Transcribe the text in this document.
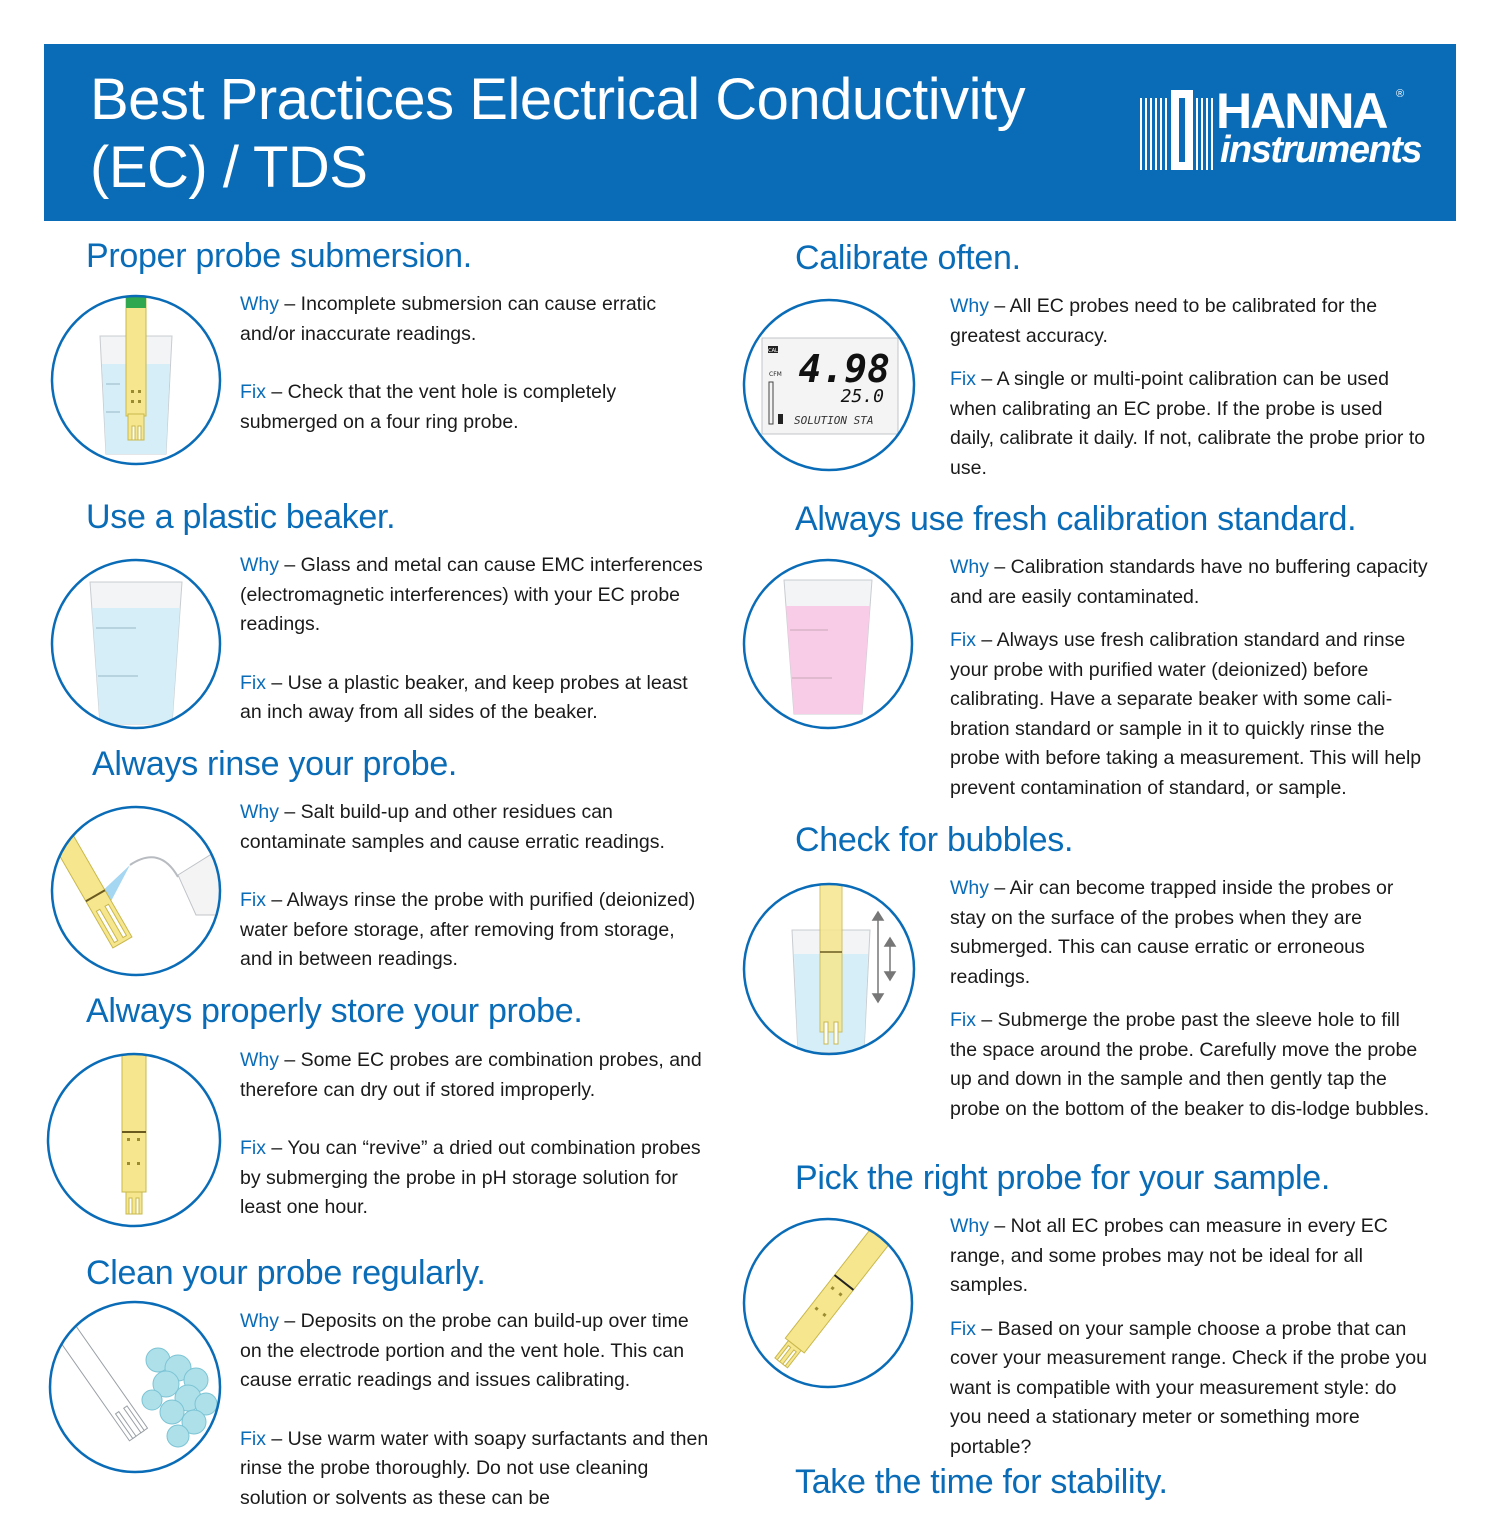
Best Practices Electrical Conductivity
(EC) / TDS
HANNA ®
instruments
Proper probe submersion.

Why – Incomplete submersion can cause erratic and/or inaccurate readings.

Fix – Check that the vent hole is completely submerged on a four ring probe.

Use a plastic beaker.

Why – Glass and metal can cause EMC interferences (electromagnetic interferences) with your EC probe readings.

Fix – Use a plastic beaker, and keep probes at least an inch away from all sides of the beaker.

Always rinse your probe.

Why – Salt build-up and other residues can contaminate samples and cause erratic readings.

Fix – Always rinse the probe with purified (deionized) water before storage, after removing from storage, and in between readings.

Always properly store your probe.

Why – Some EC probes are combination probes, and therefore can dry out if stored improperly.

Fix – You can “revive” a dried out combination probes by submerging the probe in pH storage solution for least one hour.

Clean your probe regularly.

Why – Deposits on the probe can build-up over time on the electrode portion and the vent hole. This can cause erratic readings and issues calibrating.

Fix – Use warm water with soapy surfactants and then rinse the probe thoroughly. Do not use cleaning solution or solvents as these can be

Calibrate often.
CAL
CFM 4.98
25.0
SOLUTION STA

Why – All EC probes need to be calibrated for the greatest accuracy.

Fix – A single or multi-point calibration can be used when calibrating an EC probe. If the probe is used daily, calibrate it daily. If not, calibrate the probe prior to use.

Always use fresh calibration standard.

Why – Calibration standards have no buffering capacity and are easily contaminated.

Fix – Always use fresh calibration standard and rinse your probe with purified water (deionized) before calibrating. Have a separate beaker with some cali-bration standard or sample in it to quickly rinse the probe with before taking a measurement. This will help prevent contamination of standard, or sample.

Check for bubbles.

Why – Air can become trapped inside the probes or stay on the surface of the probes when they are submerged. This can cause erratic or erroneous readings.

Fix – Submerge the probe past the sleeve hole to fill the space around the probe. Carefully move the probe up and down in the sample and then gently tap the probe on the bottom of the beaker to dis-lodge bubbles.

Pick the right probe for your sample.

Why – Not all EC probes can measure in every EC range, and some probes may not be ideal for all samples.

Fix – Based on your sample choose a probe that can cover your measurement range. Check if the probe you want is compatible with your measurement style: do you need a stationary meter or something more portable?

Take the time for stability.
